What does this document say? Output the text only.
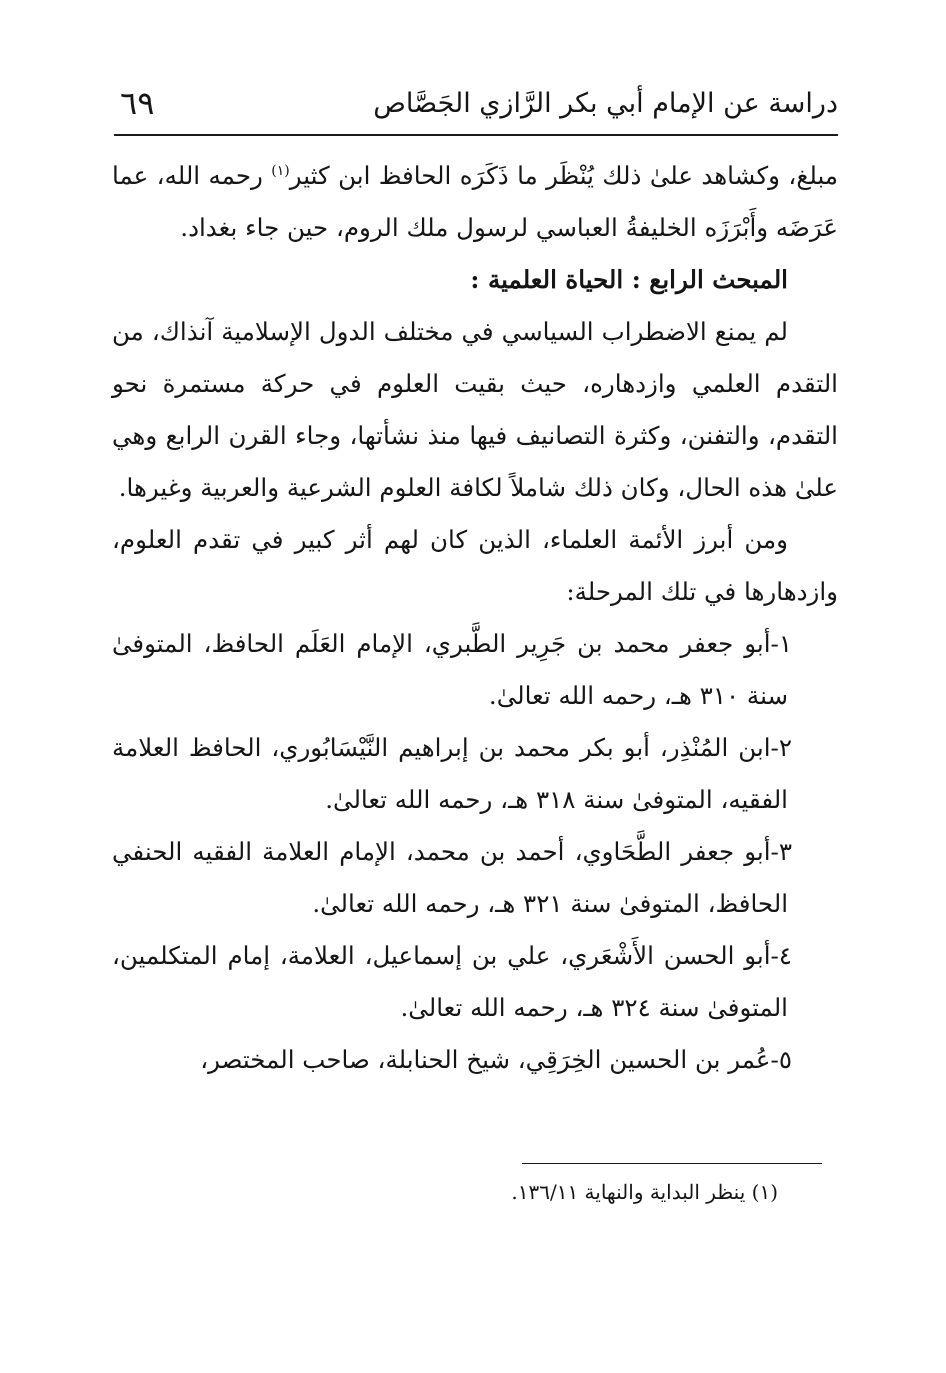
دراسة عن الإمام أبي بكر الرَّازي الجَصَّاص
٦٩

مبلغ، وكشاهد علىٰ ذلك يُنْظَر ما ذَكَرَه الحافظ ابن كثير$^{(١)}$ رحمه الله، عما عَرَضَه وأَبْرَزَه الخليفةُ العباسي لرسول ملك الروم، حين جاء بغداد.

المبحث الرابع : الحياة العلمية :

لم يمنع الاضطراب السياسي في مختلف الدول الإسلامية آنذاك، من التقدم العلمي وازدهاره، حيث بقيت العلوم في حركة مستمرة نحو التقدم، والتفنن، وكثرة التصانيف فيها منذ نشأتها، وجاء القرن الرابع وهي علىٰ هذه الحال، وكان ذلك شاملاً لكافة العلوم الشرعية والعربية وغيرها.

ومن أبرز الأئمة العلماء، الذين كان لهم أثر كبير في تقدم العلوم، وازدهارها في تلك المرحلة:

١-أبو جعفر محمد بن جَرِير الطَّبري، الإمام العَلَم الحافظ، المتوفىٰ سنة ٣١٠ هـ، رحمه الله تعالىٰ.

٢-ابن المُنْذِر، أبو بكر محمد بن إبراهيم النَّيْسَابُوري، الحافظ العلامة الفقيه، المتوفىٰ سنة ٣١٨ هـ، رحمه الله تعالىٰ.

٣-أبو جعفر الطَّحَاوي، أحمد بن محمد، الإمام العلامة الفقيه الحنفي الحافظ، المتوفىٰ سنة ٣٢١ هـ، رحمه الله تعالىٰ.

٤-أبو الحسن الأَشْعَري، علي بن إسماعيل، العلامة، إمام المتكلمين، المتوفىٰ سنة ٣٢٤ هـ، رحمه الله تعالىٰ.

٥-عُمر بن الحسين الخِرَقِي، شيخ الحنابلة، صاحب المختصر،

(١) ينظر البداية والنهاية ١٣٦/١١.
